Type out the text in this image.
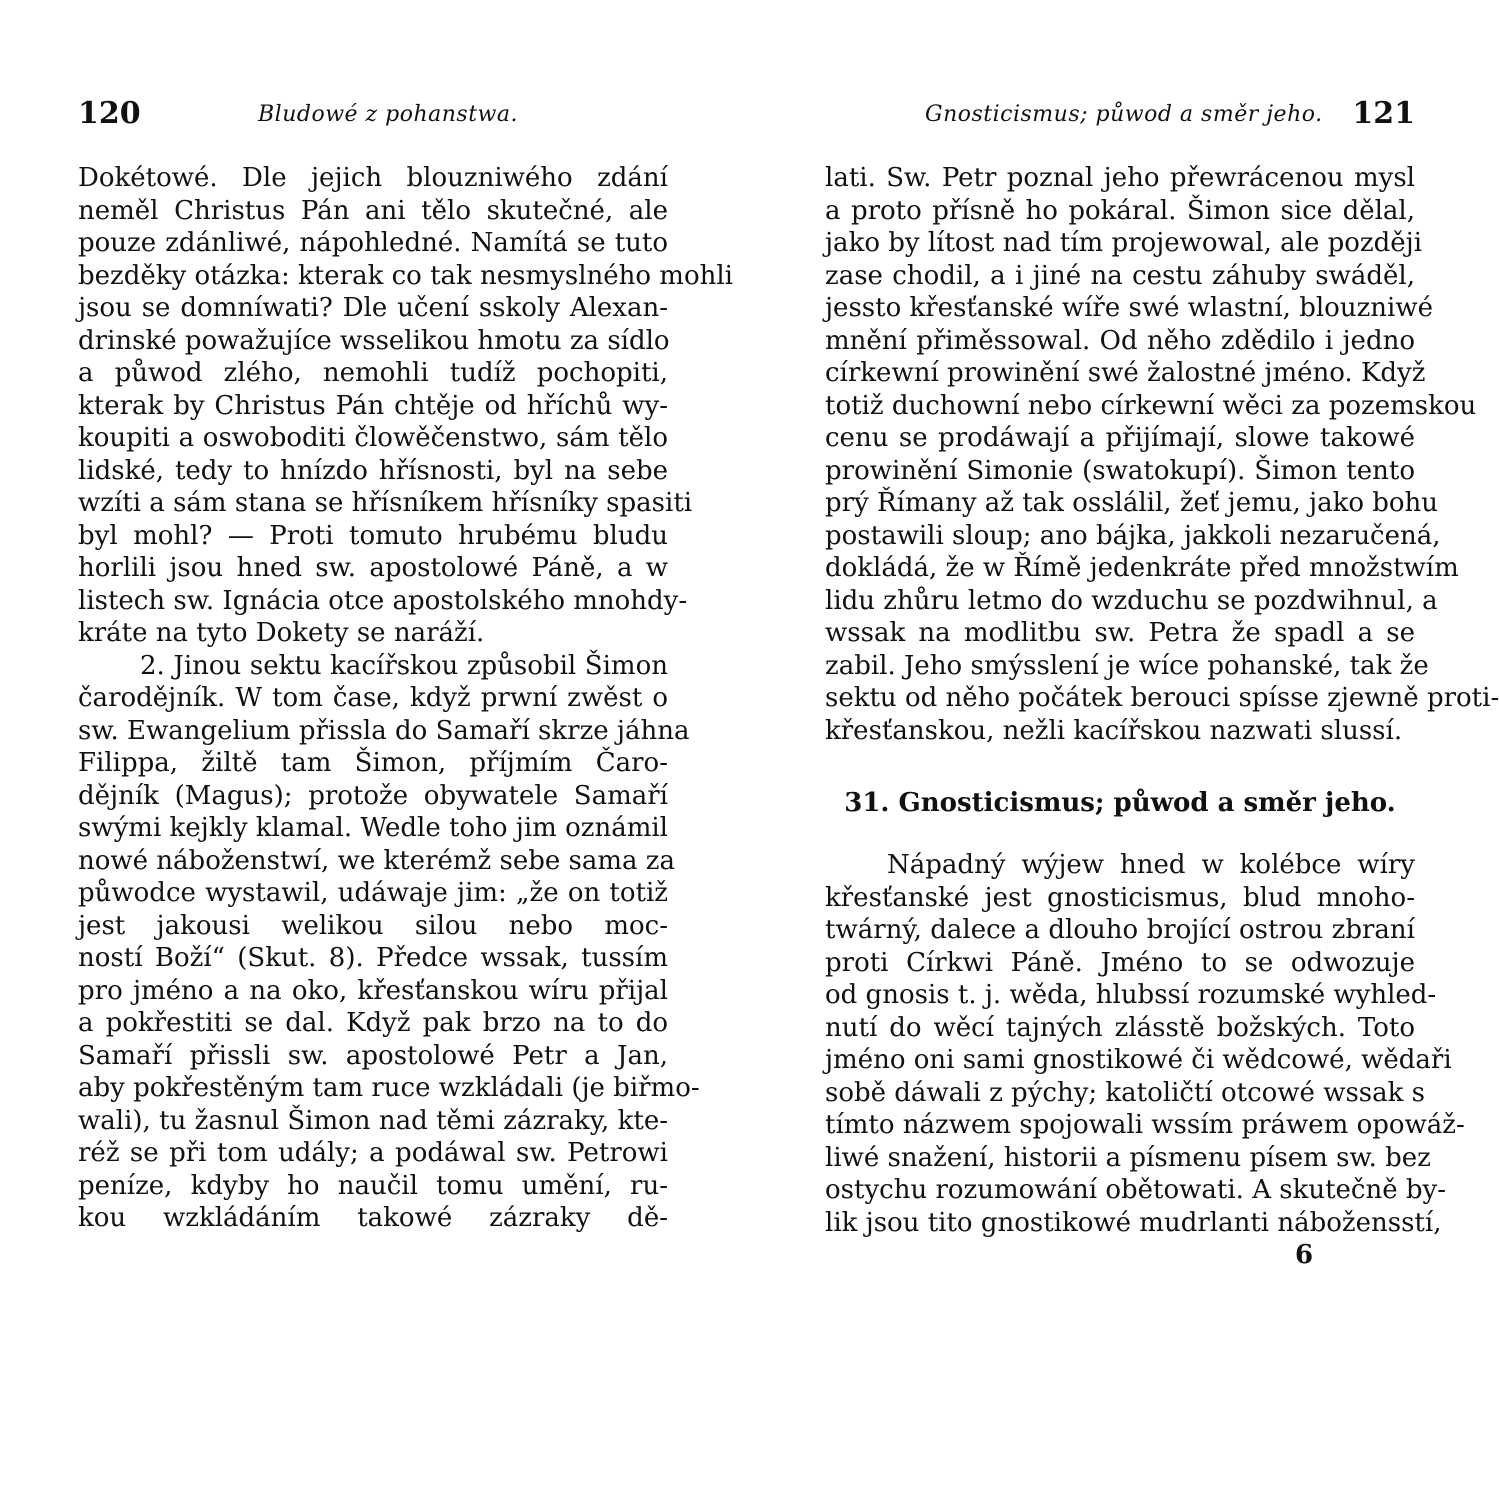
120	Bludowé z pohanstwa.
Dokétowé. Dle jejich blouzniwého zdání
neměl Christus Pán ani tělo skutečné, ale
pouze zdánliwé, nápohledné. Namítá se tuto
bezděky otázka: kterak co tak nesmyslného mohli
jsou se domníwati? Dle učení sskoly Alexan-
drinské powažujíce wsselikou hmotu za sídlo
a půwod zlého, nemohli tudíž pochopiti,
kterak by Christus Pán chtěje od hříchů wy-
koupiti a oswoboditi člowěčenstwo, sám tělo
lidské, tedy to hnízdo hřísnosti, byl na sebe
wzíti a sám stana se hřísníkem hřísníky spasiti
byl mohl? — Proti tomuto hrubému bludu
horlili jsou hned sw. apostolowé Páně, a w
listech sw. Ignácia otce apostolského mnohdy-
kráte na tyto Dokety se naráží.
2. Jinou sektu kacířskou způsobil Šimon
čarodějník. W tom čase, když prwní zwěst o
sw. Ewangelium přissla do Samaří skrze jáhna
Filippa, žiltě tam Šimon, příjmím Čaro-
dějník (Magus); protože obywatele Samaří
swými kejkly klamal. Wedle toho jim oznámil
nowé náboženstwí, we kterémž sebe sama za
půwodce wystawil, udáwaje jim: „že on totiž
jest jakousi welikou silou nebo moc-
ností Boží“ (Skut. 8). Předce wssak, tussím
pro jméno a na oko, křesťanskou wíru přijal
a pokřestiti se dal. Když pak brzo na to do
Samaří přissli sw. apostolowé Petr a Jan,
aby pokřestěným tam ruce wzkládali (je biřmo-
wali), tu žasnul Šimon nad těmi zázraky, kte-
réž se při tom udály; a podáwal sw. Petrowi
peníze, kdyby ho naučil tomu umění, ru-
kou wzkládáním takowé zázraky dě-
Gnosticismus; půwod a směr jeho. 121
lati. Sw. Petr poznal jeho přewrácenou mysl
a proto přísně ho pokáral. Šimon sice dělal,
jako by lítost nad tím projewowal, ale později
zase chodil, a i jiné na cestu záhuby swáděl,
jessto křesťanské wíře swé wlastní, blouzniwé
mnění přiměssowal. Od něho zdědilo i jedno
církewní prowinění swé žalostné jméno. Když
totiž duchowní nebo církewní wěci za pozemskou
cenu se prodáwají a přijímají, slowe takowé
prowinění Simonie (swatokupí). Šimon tento
prý Římany až tak osslálil, žeť jemu, jako bohu
postawili sloup; ano bájka, jakkoli nezaručená,
dokládá, že w Římě jedenkráte před množstwím
lidu zhůru letmo do wzduchu se pozdwihnul, a
wssak na modlitbu sw. Petra že spadl a se
zabil. Jeho smýsslení je wíce pohanské, tak že
sektu od něho počátek berouci spísse zjewně proti-
křesťanskou, nežli kacířskou nazwati slussí.
31. Gnosticismus; půwod a směr jeho.
Nápadný wýjew hned w kolébce wíry
křesťanské jest gnosticismus, blud mnoho-
twárný, dalece a dlouho brojící ostrou zbraní
proti Církwi Páně. Jméno to se odwozuje
od gnosis t. j. wěda, hlubssí rozumské wyhled-
nutí do wěcí tajných zlásstě božských. Toto
jméno oni sami gnostikowé či wědcowé, wědaři
sobě dáwali z pýchy; katoličtí otcowé wssak s
tímto názwem spojowali wssím práwem opowáž-
liwé snažení, historii a písmenu písem sw. bez
ostychu rozumowání obětowati. A skutečně by-
lik jsou tito gnostikowé mudrlanti nábožensstí,
6
